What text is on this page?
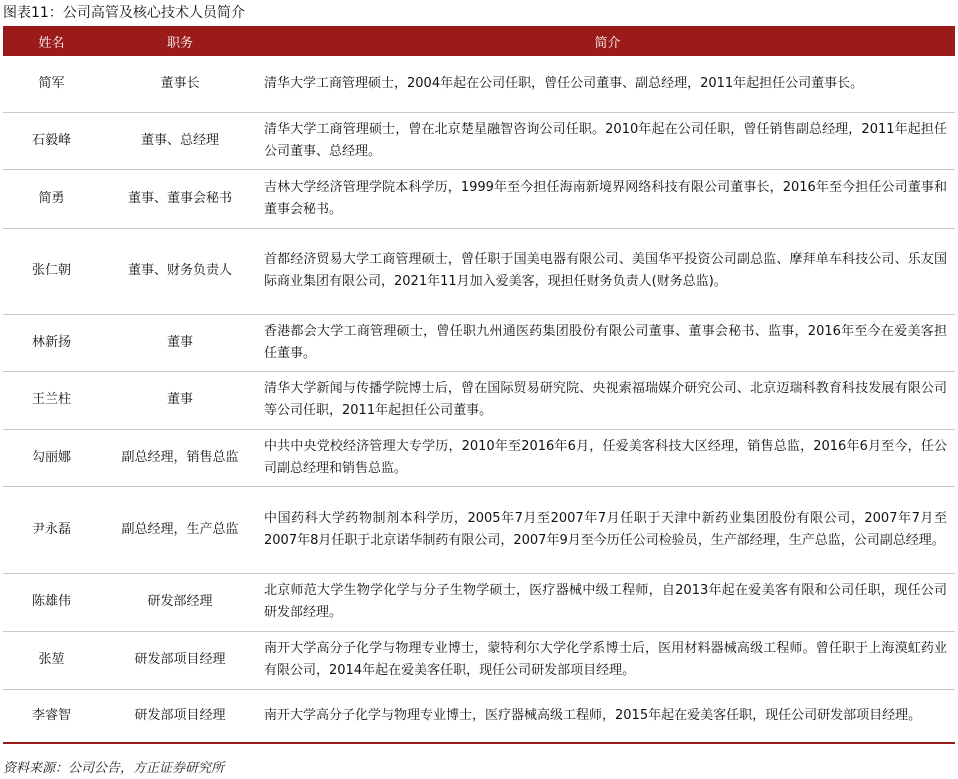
图表11：公司高管及核心技术人员简介
姓名	职务	简介
简军	董事长	清华大学工商管理硕士，2004年起在公司任职，曾任公司董事、副总经理，2011年起担任公司董事长。
石毅峰	董事、总经理	清华大学工商管理硕士，曾在北京楚星融智咨询公司任职。2010年起在公司任职，曾任销售副总经理，2011年起担任公司董事、总经理。
简勇	董事、董事会秘书	吉林大学经济管理学院本科学历，1999年至今担任海南新境界网络科技有限公司董事长，2016年至今担任公司董事和董事会秘书。
张仁朝	董事、财务负责人	首都经济贸易大学工商管理硕士，曾任职于国美电器有限公司、美国华平投资公司副总监、摩拜单车科技公司、乐友国际商业集团有限公司，2021年11月加入爱美客，现担任财务负责人(财务总监)。
林新扬	董事	香港都会大学工商管理硕士，曾任职九州通医药集团股份有限公司董事、董事会秘书、监事，2016年至今在爱美客担任董事。
王兰柱	董事	清华大学新闻与传播学院博士后，曾在国际贸易研究院、央视索福瑞媒介研究公司、北京迈瑞科教育科技发展有限公司等公司任职，2011年起担任公司董事。
勾丽娜	副总经理，销售总监	中共中央党校经济管理大专学历，2010年至2016年6月，任爱美客科技大区经理，销售总监，2016年6月至今，任公司副总经理和销售总监。
尹永磊	副总经理，生产总监	中国药科大学药物制剂本科学历，2005年7月至2007年7月任职于天津中新药业集团股份有限公司，2007年7月至2007年8月任职于北京诺华制药有限公司，2007年9月至今历任公司检验员，生产部经理，生产总监，公司副总经理。
陈雄伟	研发部经理	北京师范大学生物学化学与分子生物学硕士，医疗器械中级工程师，自2013年起在爱美客有限和公司任职，现任公司研发部经理。
张堃	研发部项目经理	南开大学高分子化学与物理专业博士，蒙特利尔大学化学系博士后，医用材料器械高级工程师。曾任职于上海漠虹药业有限公司，2014年起在爱美客任职，现任公司研发部项目经理。
李睿智	研发部项目经理	南开大学高分子化学与物理专业博士，医疗器械高级工程师，2015年起在爱美客任职，现任公司研发部项目经理。
资料来源：公司公告，方正证券研究所
